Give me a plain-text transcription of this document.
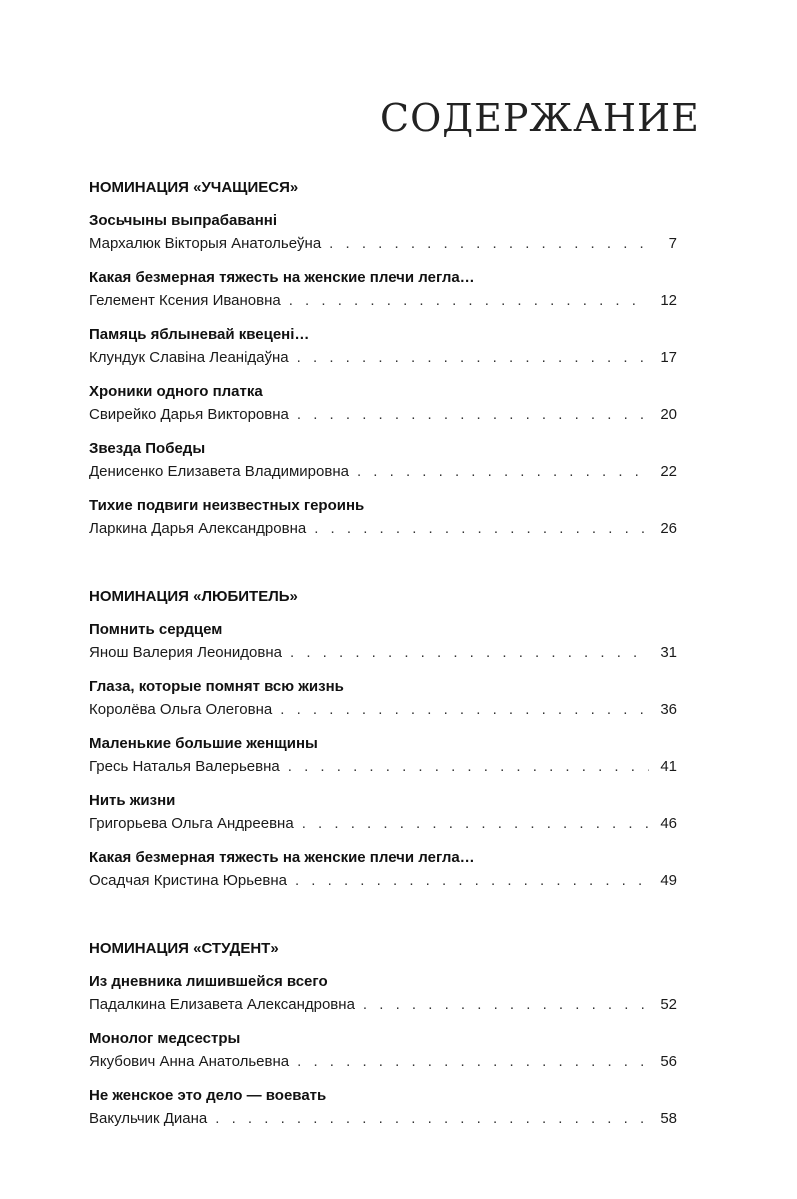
СОДЕРЖАНИЕ
НОМИНАЦИЯ «УЧАЩИЕСЯ»
Зосьчыны выпрабаванні
Мархалюк Вікторыя Анатольеўна . . .	7
Какая безмерная тяжесть на женские плечи легла…
Гелемент Ксения Ивановна . . .	12
Памяць яблыневай квецені…
Клундук Славіна Леанідаўна . . .	17
Хроники одного платка
Свирейко Дарья Викторовна . . .	20
Звезда Победы
Денисенко Елизавета Владимировна . . .	22
Тихие подвиги неизвестных героинь
Ларкина Дарья Александровна . . .	26
НОМИНАЦИЯ «ЛЮБИТЕЛЬ»
Помнить сердцем
Янош Валерия Леонидовна . . .	31
Глаза, которые помнят всю жизнь
Королёва Ольга Олеговна . . .	36
Маленькие большие женщины
Гресь Наталья Валерьевна . . .	41
Нить жизни
Григорьева Ольга Андреевна . . .	46
Какая безмерная тяжесть на женские плечи легла…
Осадчая Кристина Юрьевна . . .	49
НОМИНАЦИЯ «СТУДЕНТ»
Из дневника лишившейся всего
Падалкина Елизавета Александровна . . .	52
Монолог медсестры
Якубович Анна Анатольевна . . .	56
Не женское это дело — воевать
Вакульчик Диана . . .	58
